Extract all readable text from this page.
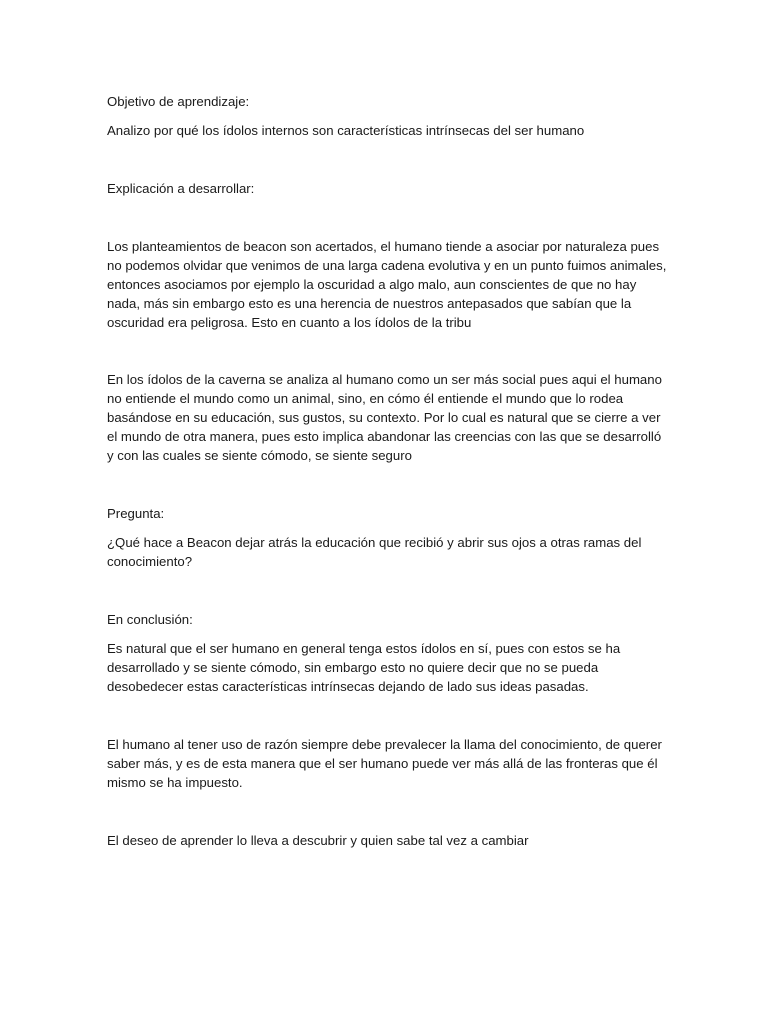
Objetivo de aprendizaje:

Analizo por qué los ídolos internos son características intrínsecas del ser humano

Explicación a desarrollar:

Los planteamientos de beacon son acertados, el humano tiende a asociar por naturaleza pues no podemos olvidar que venimos de una larga cadena evolutiva y en un punto fuimos animales, entonces asociamos por ejemplo la oscuridad a algo malo, aun conscientes de que no hay nada, más sin embargo esto es una herencia de nuestros antepasados que sabían que la oscuridad era peligrosa. Esto en cuanto a los ídolos de la tribu

En los ídolos de la caverna se analiza al humano como un ser más social pues aqui el humano no entiende el mundo como un animal, sino, en cómo él entiende el mundo que lo rodea basándose en su educación, sus gustos, su contexto. Por lo cual es natural que se cierre a ver el mundo de otra manera, pues esto implica abandonar las creencias con las que se desarrolló y con las cuales se siente cómodo, se siente seguro

Pregunta:

¿Qué hace a Beacon dejar atrás la educación que recibió y abrir sus ojos a otras ramas del conocimiento?

En conclusión:

Es natural que el ser humano en general tenga estos ídolos en sí, pues con estos se ha desarrollado y se siente cómodo, sin embargo esto no quiere decir que no se pueda desobedecer estas características intrínsecas dejando de lado sus ideas pasadas.

El humano al tener uso de razón siempre debe prevalecer la llama del conocimiento, de querer saber más, y es de esta manera que el ser humano puede ver más allá de las fronteras que él mismo se ha impuesto.

El deseo de aprender lo lleva a descubrir y quien sabe tal vez a cambiar
